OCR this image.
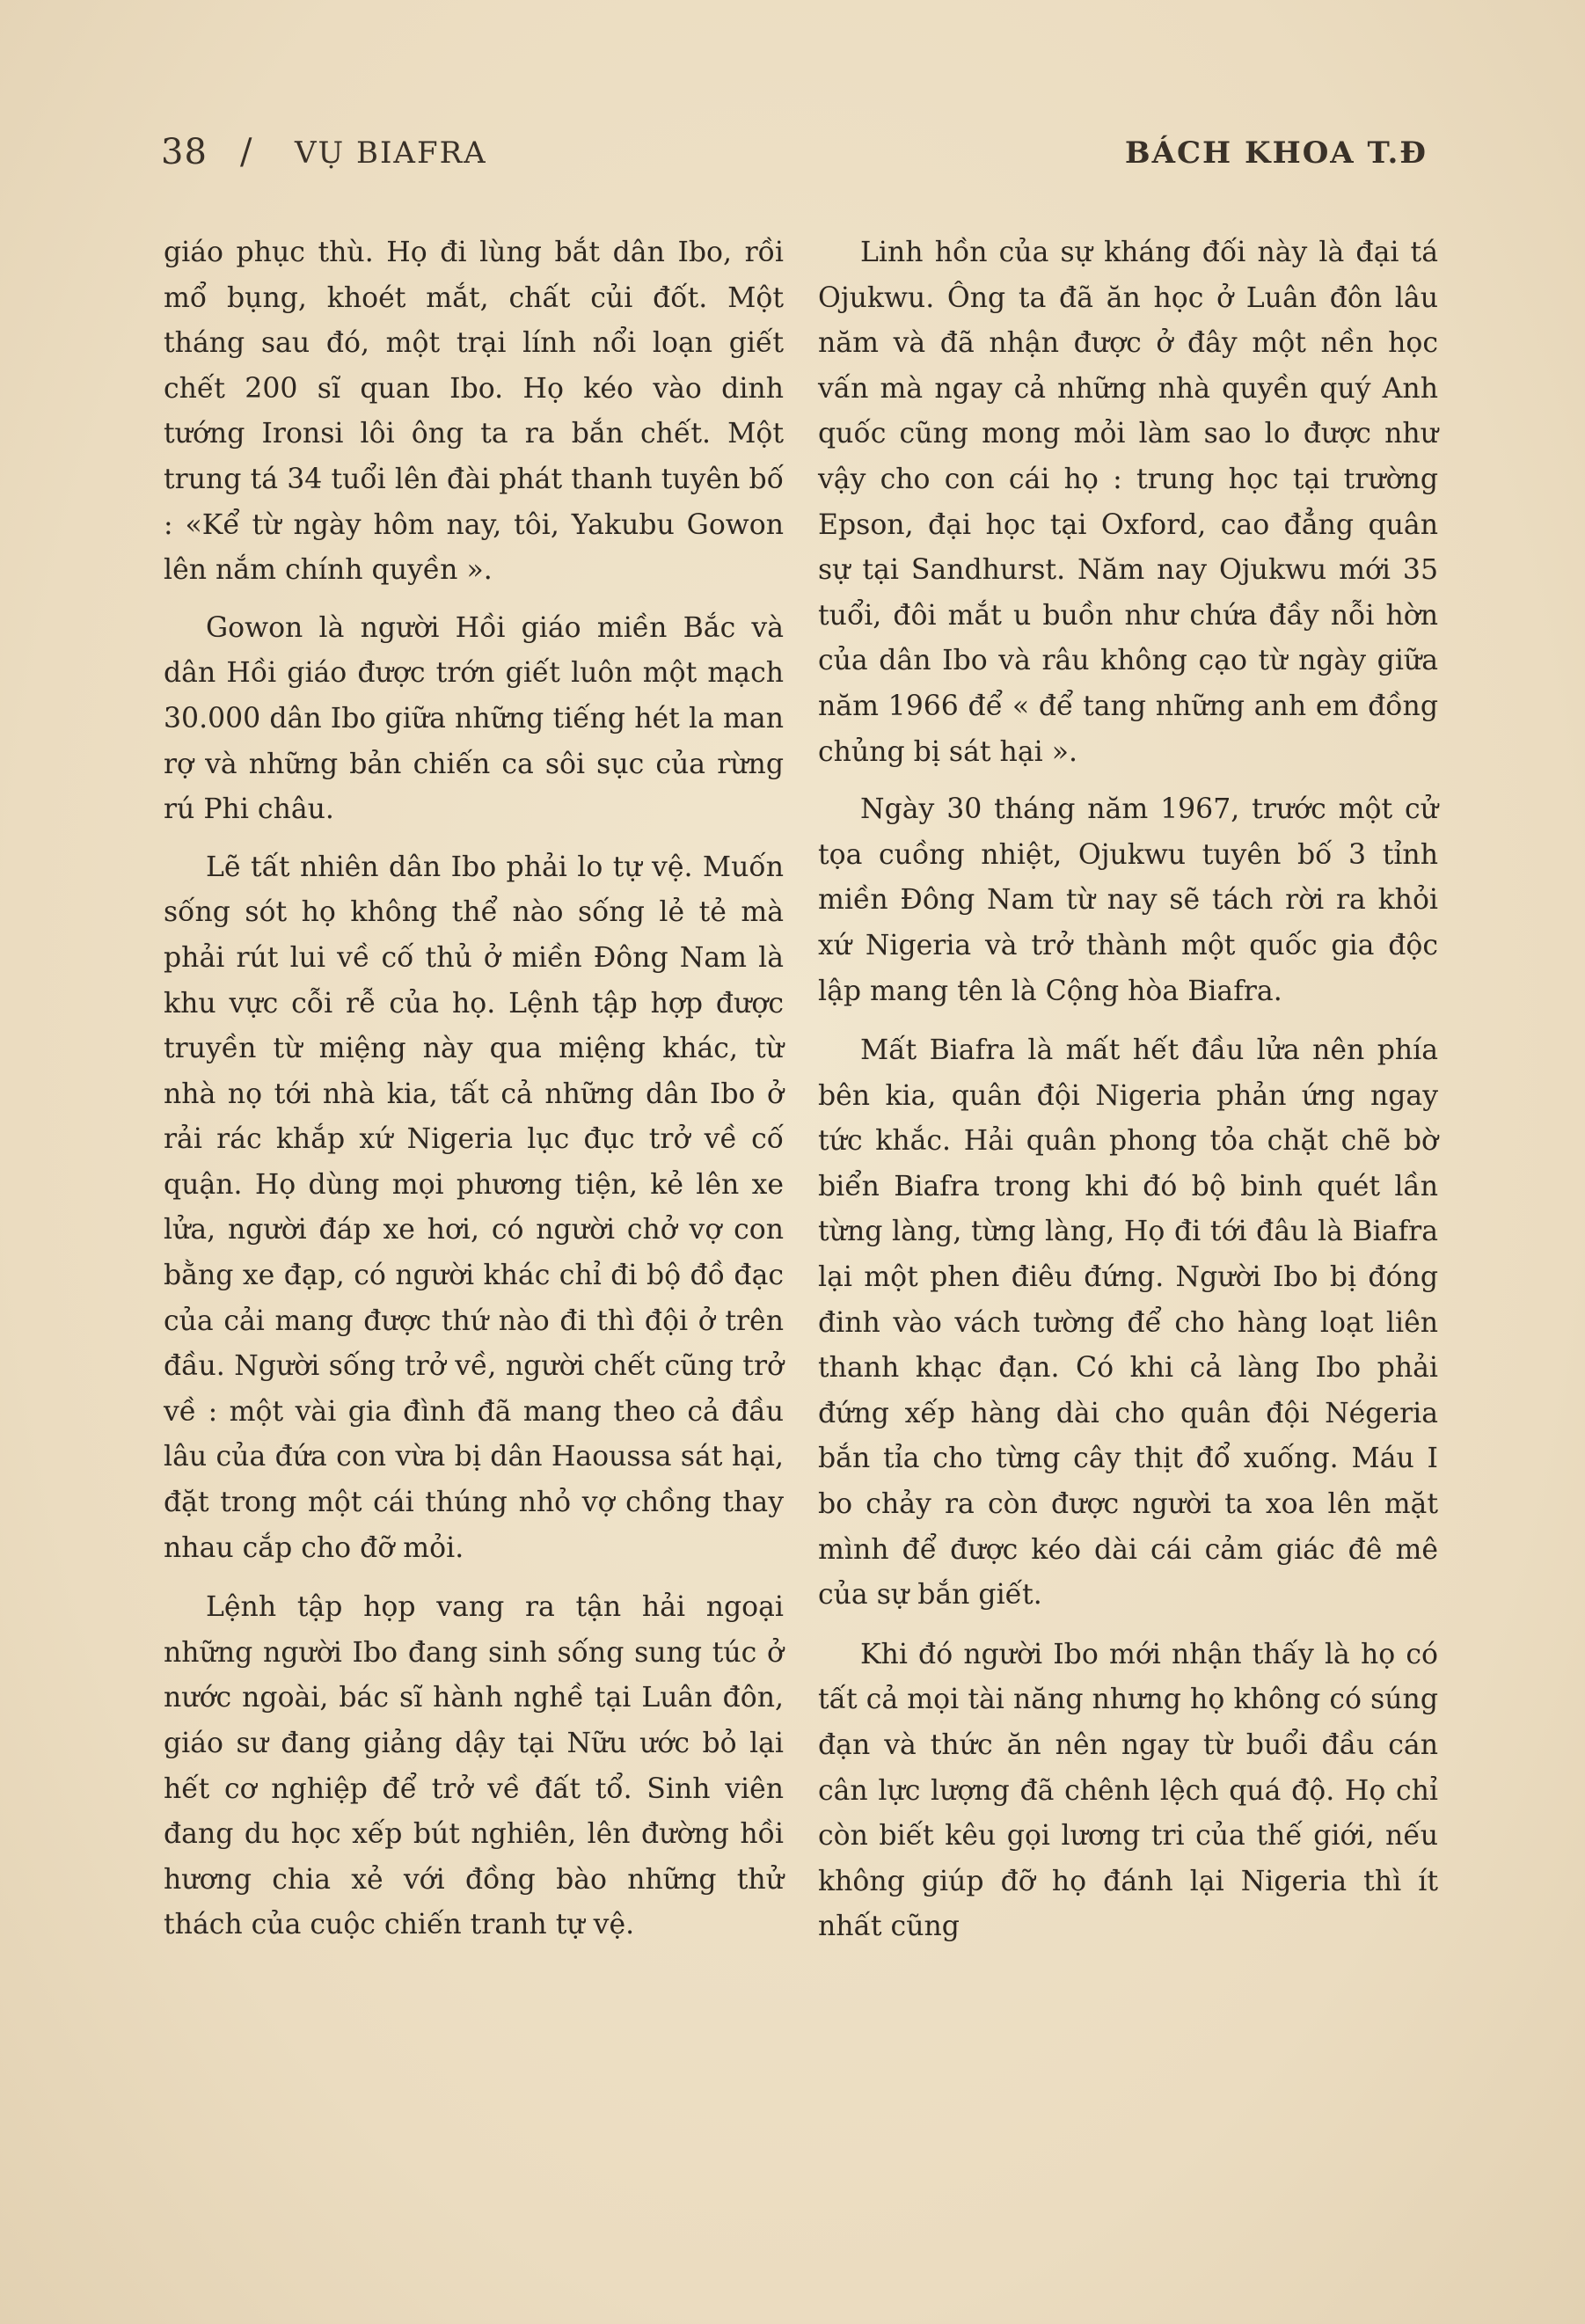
38 / VỤ BIAFRA	BÁCH KHOA T.Đ

giáo phục thù. Họ đi lùng bắt dân Ibo, rồi mổ bụng, khoét mắt, chất củi đốt. Một tháng sau đó, một trại lính nổi loạn giết chết 200 sĩ quan Ibo. Họ kéo vào dinh tướng Ironsi lôi ông ta ra bắn chết. Một trung tá 34 tuổi lên đài phát thanh tuyên bố : «Kể từ ngày hôm nay, tôi, Yakubu Gowon lên nắm chính quyền ».

Gowon là người Hồi giáo miền Bắc và dân Hồi giáo được trớn giết luôn một mạch 30.000 dân Ibo giữa những tiếng hét la man rợ và những bản chiến ca sôi sục của rừng rú Phi châu.

Lẽ tất nhiên dân Ibo phải lo tự vệ. Muốn sống sót họ không thể nào sống lẻ tẻ mà phải rút lui về cố thủ ở miền Đông Nam là khu vực cỗi rễ của họ. Lệnh tập hợp được truyền từ miệng này qua miệng khác, từ nhà nọ tới nhà kia, tất cả những dân Ibo ở rải rác khắp xứ Nigeria lục đục trở về cố quận. Họ dùng mọi phương tiện, kẻ lên xe lửa, người đáp xe hơi, có người chở vợ con bằng xe đạp, có người khác chỉ đi bộ đồ đạc của cải mang được thứ nào đi thì đội ở trên đầu. Người sống trở về, người chết cũng trở về : một vài gia đình đã mang theo cả đầu lâu của đứa con vừa bị dân Haoussa sát hại, đặt trong một cái thúng nhỏ vợ chồng thay nhau cắp cho đỡ mỏi.

Lệnh tập họp vang ra tận hải ngoại những người Ibo đang sinh sống sung túc ở nước ngoài, bác sĩ hành nghề tại Luân đôn, giáo sư đang giảng dậy tại Nữu ước bỏ lại hết cơ nghiệp để trở về đất tổ. Sinh viên đang du học xếp bút nghiên, lên đường hồi hương chia xẻ với đồng bào những thử thách của cuộc chiến tranh tự vệ.

Linh hồn của sự kháng đối này là đại tá Ojukwu. Ông ta đã ăn học ở Luân đôn lâu năm và đã nhận được ở đây một nền học vấn mà ngay cả những nhà quyền quý Anh quốc cũng mong mỏi làm sao lo được như vậy cho con cái họ : trung học tại trường Epson, đại học tại Oxford, cao đẳng quân sự tại Sandhurst. Năm nay Ojukwu mới 35 tuổi, đôi mắt u buồn như chứa đầy nỗi hờn của dân Ibo và râu không cạo từ ngày giữa năm 1966 để « để tang những anh em đồng chủng bị sát hại ».

Ngày 30 tháng năm 1967, trước một cử tọa cuồng nhiệt, Ojukwu tuyên bố 3 tỉnh miền Đông Nam từ nay sẽ tách rời ra khỏi xứ Nigeria và trở thành một quốc gia độc lập mang tên là Cộng hòa Biafra.

Mất Biafra là mất hết đầu lửa nên phía bên kia, quân đội Nigeria phản ứng ngay tức khắc. Hải quân phong tỏa chặt chẽ bờ biển Biafra trong khi đó bộ binh quét lần từng làng, từng làng, Họ đi tới đâu là Biafra lại một phen điêu đứng. Người Ibo bị đóng đinh vào vách tường để cho hàng loạt liên thanh khạc đạn. Có khi cả làng Ibo phải đứng xếp hàng dài cho quân đội Négeria bắn tỉa cho từng cây thịt đổ xuống. Máu I bo chảy ra còn được người ta xoa lên mặt mình để được kéo dài cái cảm giác đê mê của sự bắn giết.

Khi đó người Ibo mới nhận thấy là họ có tất cả mọi tài năng nhưng họ không có súng đạn và thức ăn nên ngay từ buổi đầu cán cân lực lượng đã chênh lệch quá độ. Họ chỉ còn biết kêu gọi lương tri của thế giới, nếu không giúp đỡ họ đánh lại Nigeria thì ít nhất cũng
